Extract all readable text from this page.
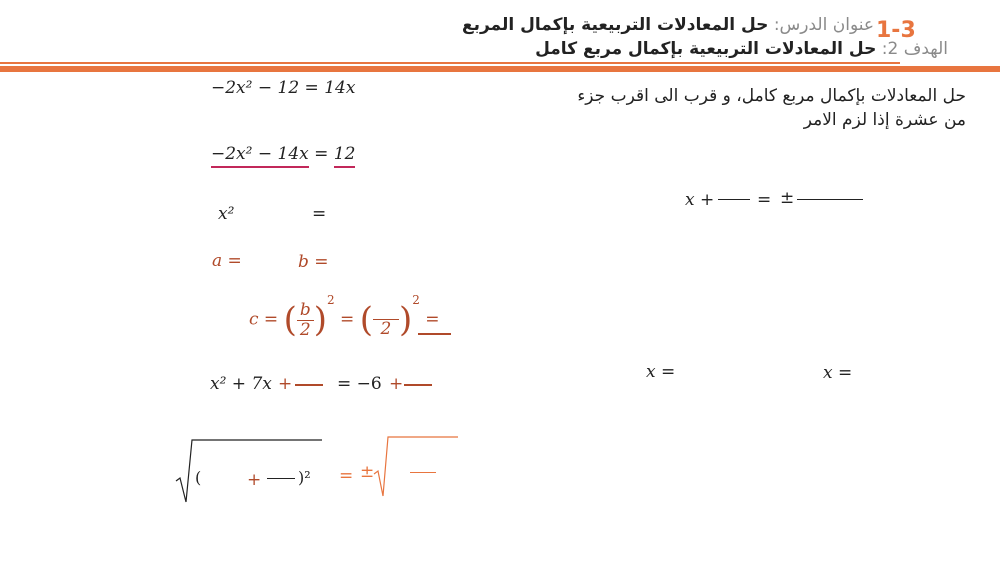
1-3
عنوان الدرس: حل المعادلات التربيعية بإكمال المربع
الهدف 2: حل المعادلات التربيعية بإكمال مربع كامل
حل المعادلات بإكمال مربع كامل، و قرب الى اقرب جزء
من عشرة إذا لزم الامر
−2x² − 12 = 14x
−2x² − 14x = 12
x²	=
a =	b =
c = ( $\frac{b}{2} )^2$ = ( 2 )$^2$ =
x² + 7x +	= −6 +
(	+ )² = ±
x +	= ±
x =	x =
